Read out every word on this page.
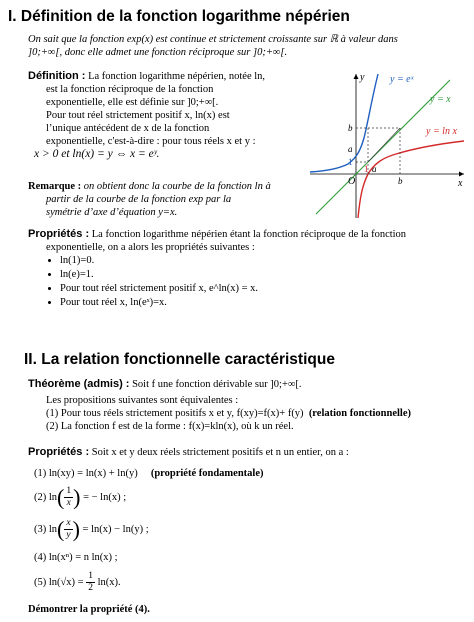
I. Définition de la fonction logarithme népérien
On sait que la fonction exp(x) est continue et strictement croissante sur ℝ à valeur dans
]0;+∞[, donc elle admet une fonction réciproque sur ]0;+∞[.
Définition : La fonction logarithme népérien, notée ln,
est la fonction réciproque de la fonction
exponentielle, elle est définie sur ]0;+∞[.
Pour tout réel strictement positif x, ln(x) est
l’unique antécédent de x de la fonction
exponentielle, c'est-à-dire : pour tous réels x et y :
x > 0 et ln(x) = y ⇔ x = eʸ.
Remarque : on obtient donc la courbe de la fonction ln à
partir de la courbe de la fonction exp par la
symétrie d’axe d’équation y=x.
y
x
O
y = eˣ
y = x
y = ln x
b
a
1
1 a
b
Propriétés : La fonction logarithme népérien étant la fonction réciproque de la fonction
exponentielle, on a alors les propriétés suivantes :
• ln(1)=0.
• ln(e)=1.
• Pour tout réel strictement positif x, e^ln(x) = x.
• Pour tout réel x, ln(eˣ)=x.
II. La relation fonctionnelle caractéristique
Théorème (admis) : Soit f une fonction dérivable sur ]0;+∞[.
Les propositions suivantes sont équivalentes :
(1) Pour tous réels strictement positifs x et y, f(xy)=f(x)+ f(y) (relation fonctionnelle)
(2) La fonction f est de la forme : f(x)=kln(x), où k un réel.
Propriétés : Soit x et y deux réels strictement positifs et n un entier, on a :
(1) ln(xy) = ln(x) + ln(y) (propriété fondamentale)
(2) $\ln( \frac{1}{x})$ = − ln(x) ;
(3) $\ln( \frac{x}{y}) = \ln(x) - \ln(y)$ ;
(4) ln(xⁿ) = n ln(x) ;
(5) $\ln(√x) = \frac{1}{2} \ln(x)$.
Démontrer la propriété (4).
